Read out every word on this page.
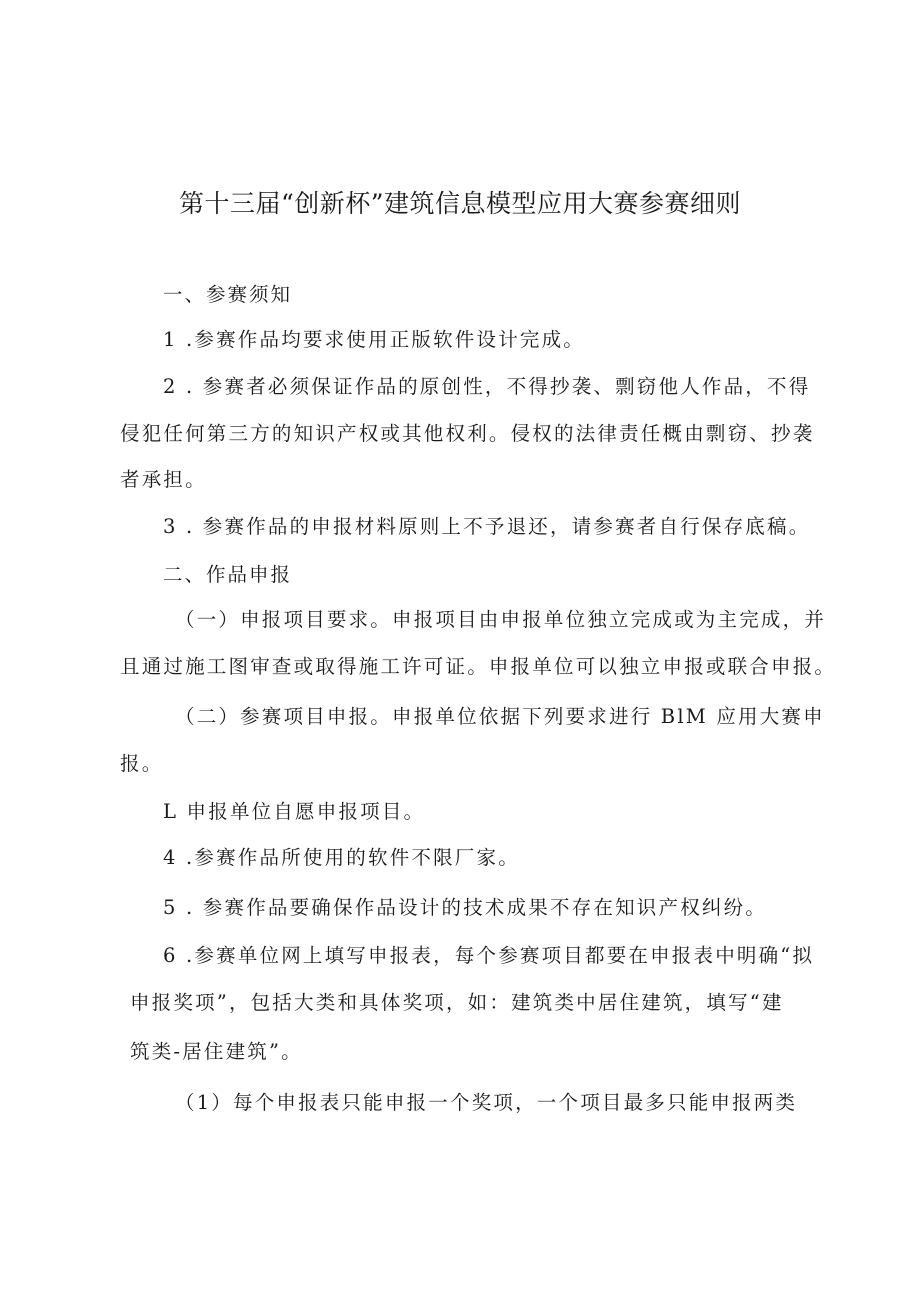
第十三届“创新杯”建筑信息模型应用大赛参赛细则
一、参赛须知
1 .参赛作品均要求使用正版软件设计完成。
2 . 参赛者必须保证作品的原创性，不得抄袭、剽窃他人作品，不得
侵犯任何第三方的知识产权或其他权利。侵权的法律责任概由剽窃、抄袭
者承担。
3 . 参赛作品的申报材料原则上不予退还，请参赛者自行保存底稿。
二、作品申报
（一）申报项目要求。申报项目由申报单位独立完成或为主完成，并
且通过施工图审查或取得施工许可证。申报单位可以独立申报或联合申报。
（二）参赛项目申报。申报单位依据下列要求进行 BlM 应用大赛申
报。
L 申报单位自愿申报项目。
4 .参赛作品所使用的软件不限厂家。
5 . 参赛作品要确保作品设计的技术成果不存在知识产权纠纷。
6 .参赛单位网上填写申报表，每个参赛项目都要在申报表中明确“拟
申报奖项”，包括大类和具体奖项，如：建筑类中居住建筑，填写“建
筑类-居住建筑”。
（1）每个申报表只能申报一个奖项，一个项目最多只能申报两类
